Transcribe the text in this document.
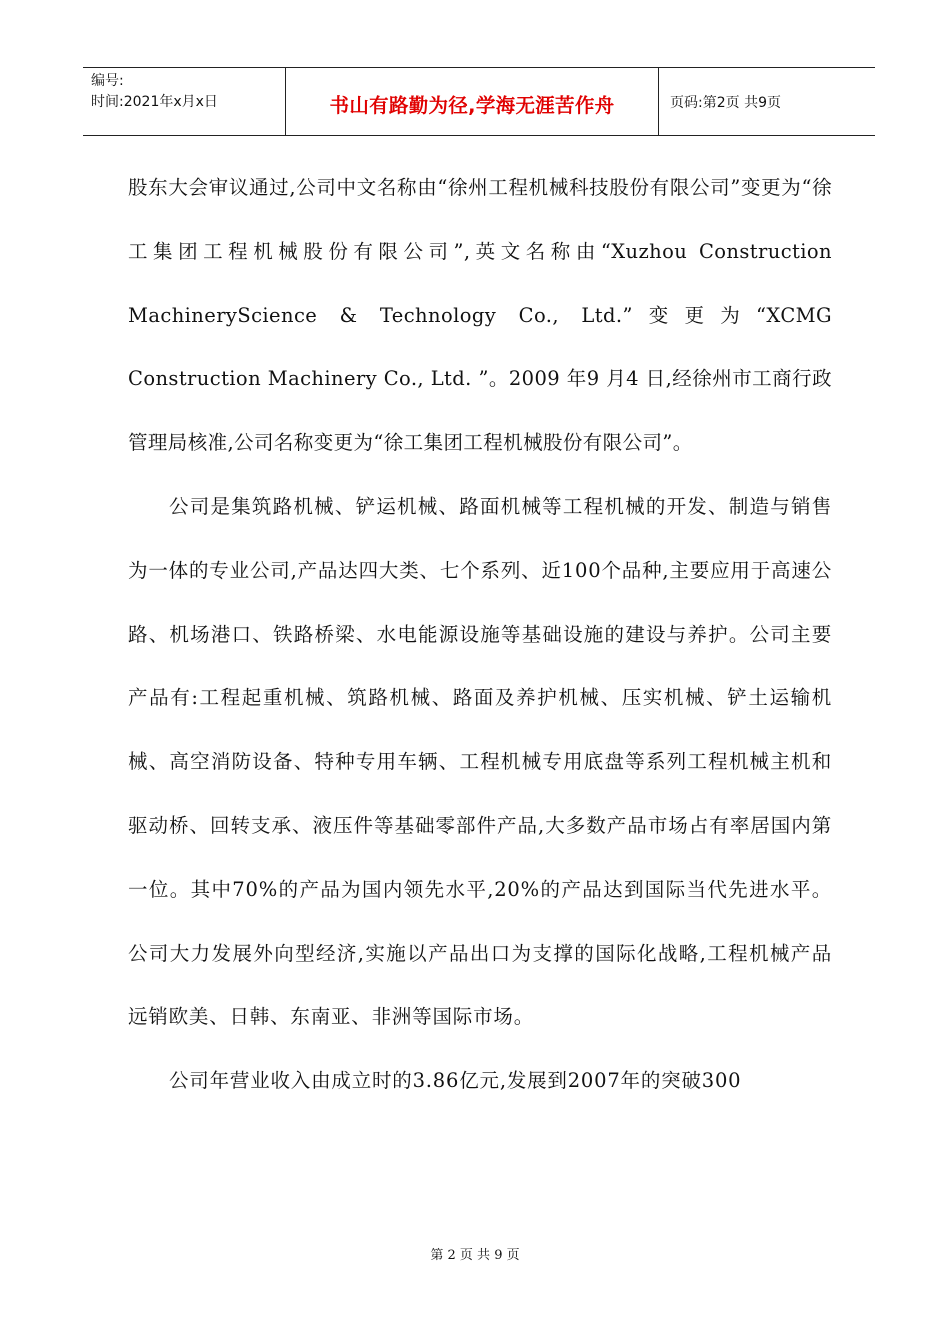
编号:
时间:2021年x月x日	书山有路勤为径,学海无涯苦作舟	页码:第2页 共9页

股东大会审议通过,公司中文名称由“徐州工程机械科技股份有限公司”变更为“徐工集团工程机械股份有限公司”,英文名称由“Xuzhou Construction MachineryScience & Technology Co., Ltd.”变更为“XCMG Construction Machinery Co., Ltd. ”。2009 年9 月4 日,经徐州市工商行政管理局核准,公司名称变更为“徐工集团工程机械股份有限公司”。

公司是集筑路机械、铲运机械、路面机械等工程机械的开发、制造与销售为一体的专业公司,产品达四大类、七个系列、近100个品种,主要应用于高速公路、机场港口、铁路桥梁、水电能源设施等基础设施的建设与养护。公司主要产品有:工程起重机械、筑路机械、路面及养护机械、压实机械、铲土运输机械、高空消防设备、特种专用车辆、工程机械专用底盘等系列工程机械主机和驱动桥、回转支承、液压件等基础零部件产品,大多数产品市场占有率居国内第一位。其中70%的产品为国内领先水平,20%的产品达到国际当代先进水平。公司大力发展外向型经济,实施以产品出口为支撑的国际化战略,工程机械产品远销欧美、日韩、东南亚、非洲等国际市场。

公司年营业收入由成立时的3.86亿元,发展到2007年的突破300

第 2 页 共 9 页
